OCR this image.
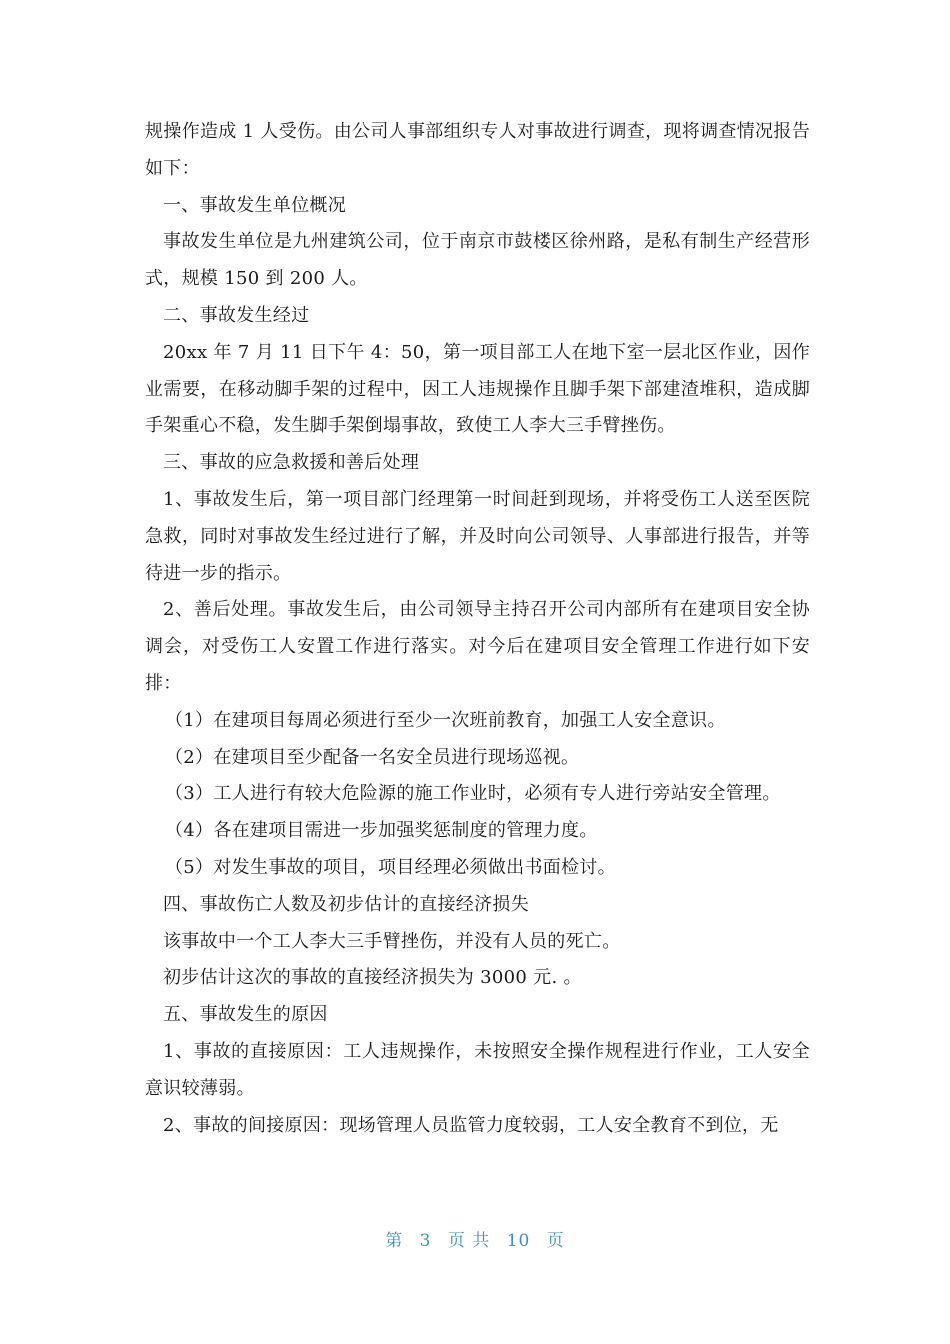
规操作造成 1 人受伤。由公司人事部组织专人对事故进行调查，现将调查情况报告如下：

一、事故发生单位概况

事故发生单位是九州建筑公司，位于南京市鼓楼区徐州路，是私有制生产经营形式，规模 150 到 200 人。

二、事故发生经过

20xx 年 7 月 11 日下午 4：50，第一项目部工人在地下室一层北区作业，因作业需要，在移动脚手架的过程中，因工人违规操作且脚手架下部建渣堆积，造成脚手架重心不稳，发生脚手架倒塌事故，致使工人李大三手臂挫伤。

三、事故的应急救援和善后处理

1、事故发生后，第一项目部门经理第一时间赶到现场，并将受伤工人送至医院急救，同时对事故发生经过进行了解，并及时向公司领导、人事部进行报告，并等待进一步的指示。

2、善后处理。事故发生后，由公司领导主持召开公司内部所有在建项目安全协调会，对受伤工人安置工作进行落实。对今后在建项目安全管理工作进行如下安排：

（1）在建项目每周必须进行至少一次班前教育，加强工人安全意识。

（2）在建项目至少配备一名安全员进行现场巡视。

（3）工人进行有较大危险源的施工作业时，必须有专人进行旁站安全管理。

（4）各在建项目需进一步加强奖惩制度的管理力度。

（5）对发生事故的项目，项目经理必须做出书面检讨。

四、事故伤亡人数及初步估计的直接经济损失

该事故中一个工人李大三手臂挫伤，并没有人员的死亡。

初步估计这次的事故的直接经济损失为 3000 元. 。

五、事故发生的原因

1、事故的直接原因：工人违规操作，未按照安全操作规程进行作业，工人安全意识较薄弱。

2、事故的间接原因：现场管理人员监管力度较弱，工人安全教育不到位，无

第 3 页 共 10 页
